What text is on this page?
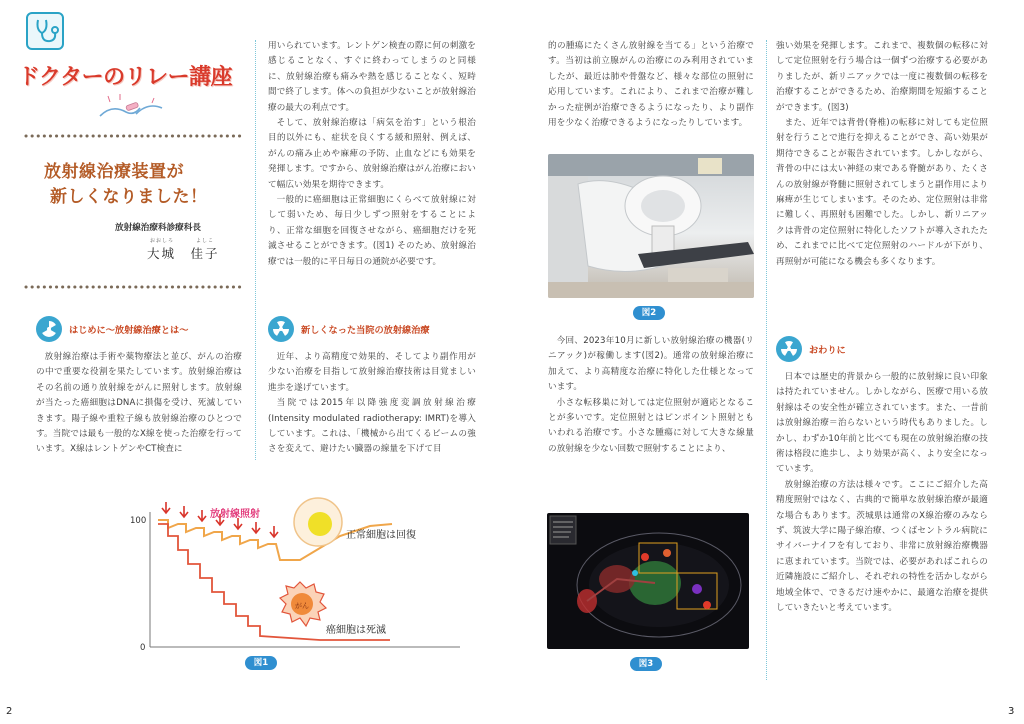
ドクターのリレー講座
放射線治療装置が
新しくなりました！
放射線治療科診療科長
おおしろ	よしこ
大城　佳子
はじめに〜放射線治療とは〜

放射線治療は手術や薬物療法と並び、がんの治療の中で重要な役割を果たしています。放射線治療はその名前の通り放射線をがんに照射します。放射線が当たった癌細胞はDNAに損傷を受け、死滅していきます。陽子線や重粒子線も放射線治療のひとつです。当院では最も一般的なX線を使った治療を行っています。X線はレントゲンやCT検査に

用いられています。レントゲン検査の際に何の刺激を感じることなく、すぐに終わってしまうのと同様に、放射線治療も痛みや熱を感じることなく、短時間で終了します。体への負担が少ないことが放射線治療の最大の利点です。

そして、放射線治療は「病気を治す」という根治目的以外にも、症状を良くする緩和照射、例えば、がんの痛み止めや麻痺の予防、止血などにも効果を発揮します。ですから、放射線治療はがん治療において幅広い効果を期待できます。

一般的に癌細胞は正常細胞にくらべて放射線に対して弱いため、毎日少しずつ照射をすることにより、正常な細胞を回復させながら、癌細胞だけを死滅させることができます。(図1) そのため、放射線治療では一般的に平日毎日の通院が必要です。

新しくなった当院の放射線治療

近年、より高精度で効果的、そしてより副作用が少ない治療を目指して放射線治療技術は目覚ましい進歩を遂げています。

当院では2015年以降強度変調放射線治療(Intensity modulated radiotherapy: IMRT)を導入しています。これは、「機械から出てくるビームの強さを変えて、避けたい臓器の線量を下げて目

100
0
放射線照射
正常細胞は回復
がん
癌細胞は死滅
図1
2

的の腫瘍にたくさん放射線を当てる」という治療です。当初は前立腺がんの治療にのみ利用されていましたが、最近は肺や骨盤など、様々な部位の照射に応用しています。これにより、これまで治療が難しかった症例が治療できるようになったり、より副作用を少なく治療できるようになったりしています。

図2

今回、2023年10月に新しい放射線治療の機器(リニアック)が稼働します(図2)。通常の放射線治療に加えて、より高精度な治療に特化した仕様となっています。

小さな転移巣に対しては定位照射が適応となることが多いです。定位照射とはピンポイント照射ともいわれる治療です。小さな腫瘍に対して大きな線量の放射線を少ない回数で照射することにより、

図3

強い効果を発揮します。これまで、複数個の転移に対して定位照射を行う場合は一個ずつ治療する必要がありましたが、新リニアックでは一度に複数個の転移を治療することができるため、治療期間を短縮することができます。(図3)

また、近年では背骨(脊椎)の転移に対しても定位照射を行うことで進行を抑えることができ、高い効果が期待できることが報告されています。しかしながら、背骨の中には太い神経の束である脊髄があり、たくさんの放射線が脊髄に照射されてしまうと副作用により麻痺が生じてしまいます。そのため、定位照射は非常に難しく、再照射も困難でした。しかし、新リニアックは背骨の定位照射に特化したソフトが導入されたため、これまでに比べて定位照射のハードルが下がり、再照射が可能になる機会も多くなります。

おわりに

日本では歴史的背景から一般的に放射線に良い印象は持たれていません。しかしながら、医療で用いる放射線はその安全性が確立されています。また、一昔前は放射線治療＝治らないという時代もありました。しかし、わずか10年前と比べても現在の放射線治療の技術は格段に進歩し、より効果が高く、より安全になっています。

放射線治療の方法は様々です。ここにご紹介した高精度照射ではなく、古典的で簡単な放射線治療が最適な場合もあります。茨城県は通常のX線治療のみならず、筑波大学に陽子線治療、つくばセントラル病院にサイバーナイフを有しており、非常に放射線治療機器に恵まれています。当院では、必要があればこれらの近隣施設にご紹介し、それぞれの特性を活かしながら地域全体で、できるだけ速やかに、最適な治療を提供していきたいと考えています。

3
